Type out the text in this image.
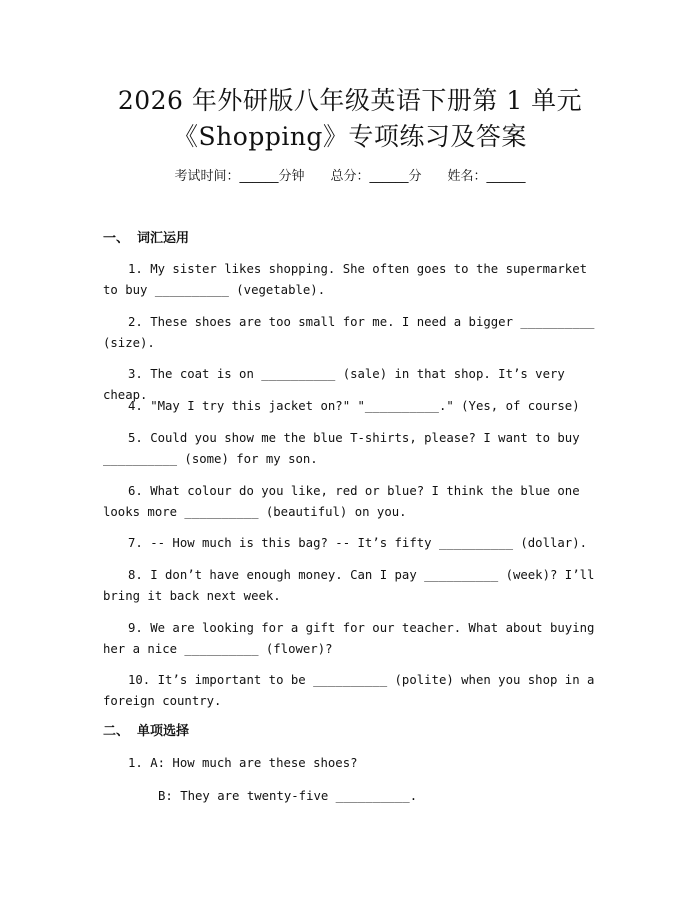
2026 年外研版八年级英语下册第 1 单元
《Shopping》专项练习及答案
考试时间：______分钟 总分：______分 姓名：______
一、 词汇运用
1. My sister likes shopping. She often goes to the supermarket to buy __________ (vegetable).
2. These shoes are too small for me. I need a bigger __________ (size).
3. The coat is on __________ (sale) in that shop. It’s very cheap.
4. "May I try this jacket on?" "__________." (Yes, of course)
5. Could you show me the blue T-shirts, please? I want to buy __________ (some) for my son.
6. What colour do you like, red or blue? I think the blue one looks more __________ (beautiful) on you.
7. -- How much is this bag? -- It’s fifty __________ (dollar).
8. I don’t have enough money. Can I pay __________ (week)? I’ll bring it back next week.
9. We are looking for a gift for our teacher. What about buying her a nice __________ (flower)?
10. It’s important to be __________ (polite) when you shop in a foreign country.
二、 单项选择
1. A: How much are these shoes?
B: They are twenty-five __________.
